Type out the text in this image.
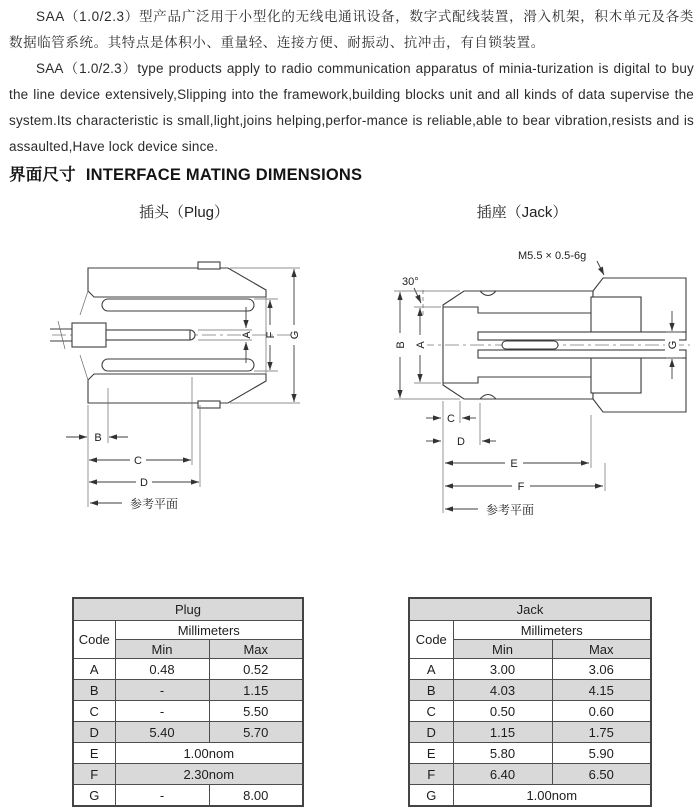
SAA（1.0/2.3）型产品广泛用于小型化的无线电通讯设备，数字式配线装置，滑入机架，积木单元及各类数据临管系统。其特点是体积小、重量轻、连接方便、耐振动、抗冲击，有自锁装置。
SAA（1.0/2.3）type products apply to radio communication apparatus of minia-turization is digital to buy the line device extensively,Slipping into the framework,building blocks unit and all kinds of data supervise the system.Its characteristic is small,light,joins helping,perfor-mance is reliable,able to bear vibration,resists and is assaulted,Have lock device since.
界面尺寸 INTERFACE MATING DIMENSIONS
插头（Plug）	插座（Jack）
A F G
B
C
D
参考平面
M5.5 × 0.5-6g
30°
B A	G
C
D
E
F
参考平面
Plug		
Code	Millimeters	
	Min	Max
A	0.48	0.52
B	-	1.15
C	-	5.50
D	5.40	5.70
E	1.00nom	
F	2.30nom	
G	-	8.00
Jack		
Code	Millimeters	
	Min	Max
A	3.00	3.06
B	4.03	4.15
C	0.50	0.60
D	1.15	1.75
E	5.80	5.90
F	6.40	6.50
G	1.00nom	
